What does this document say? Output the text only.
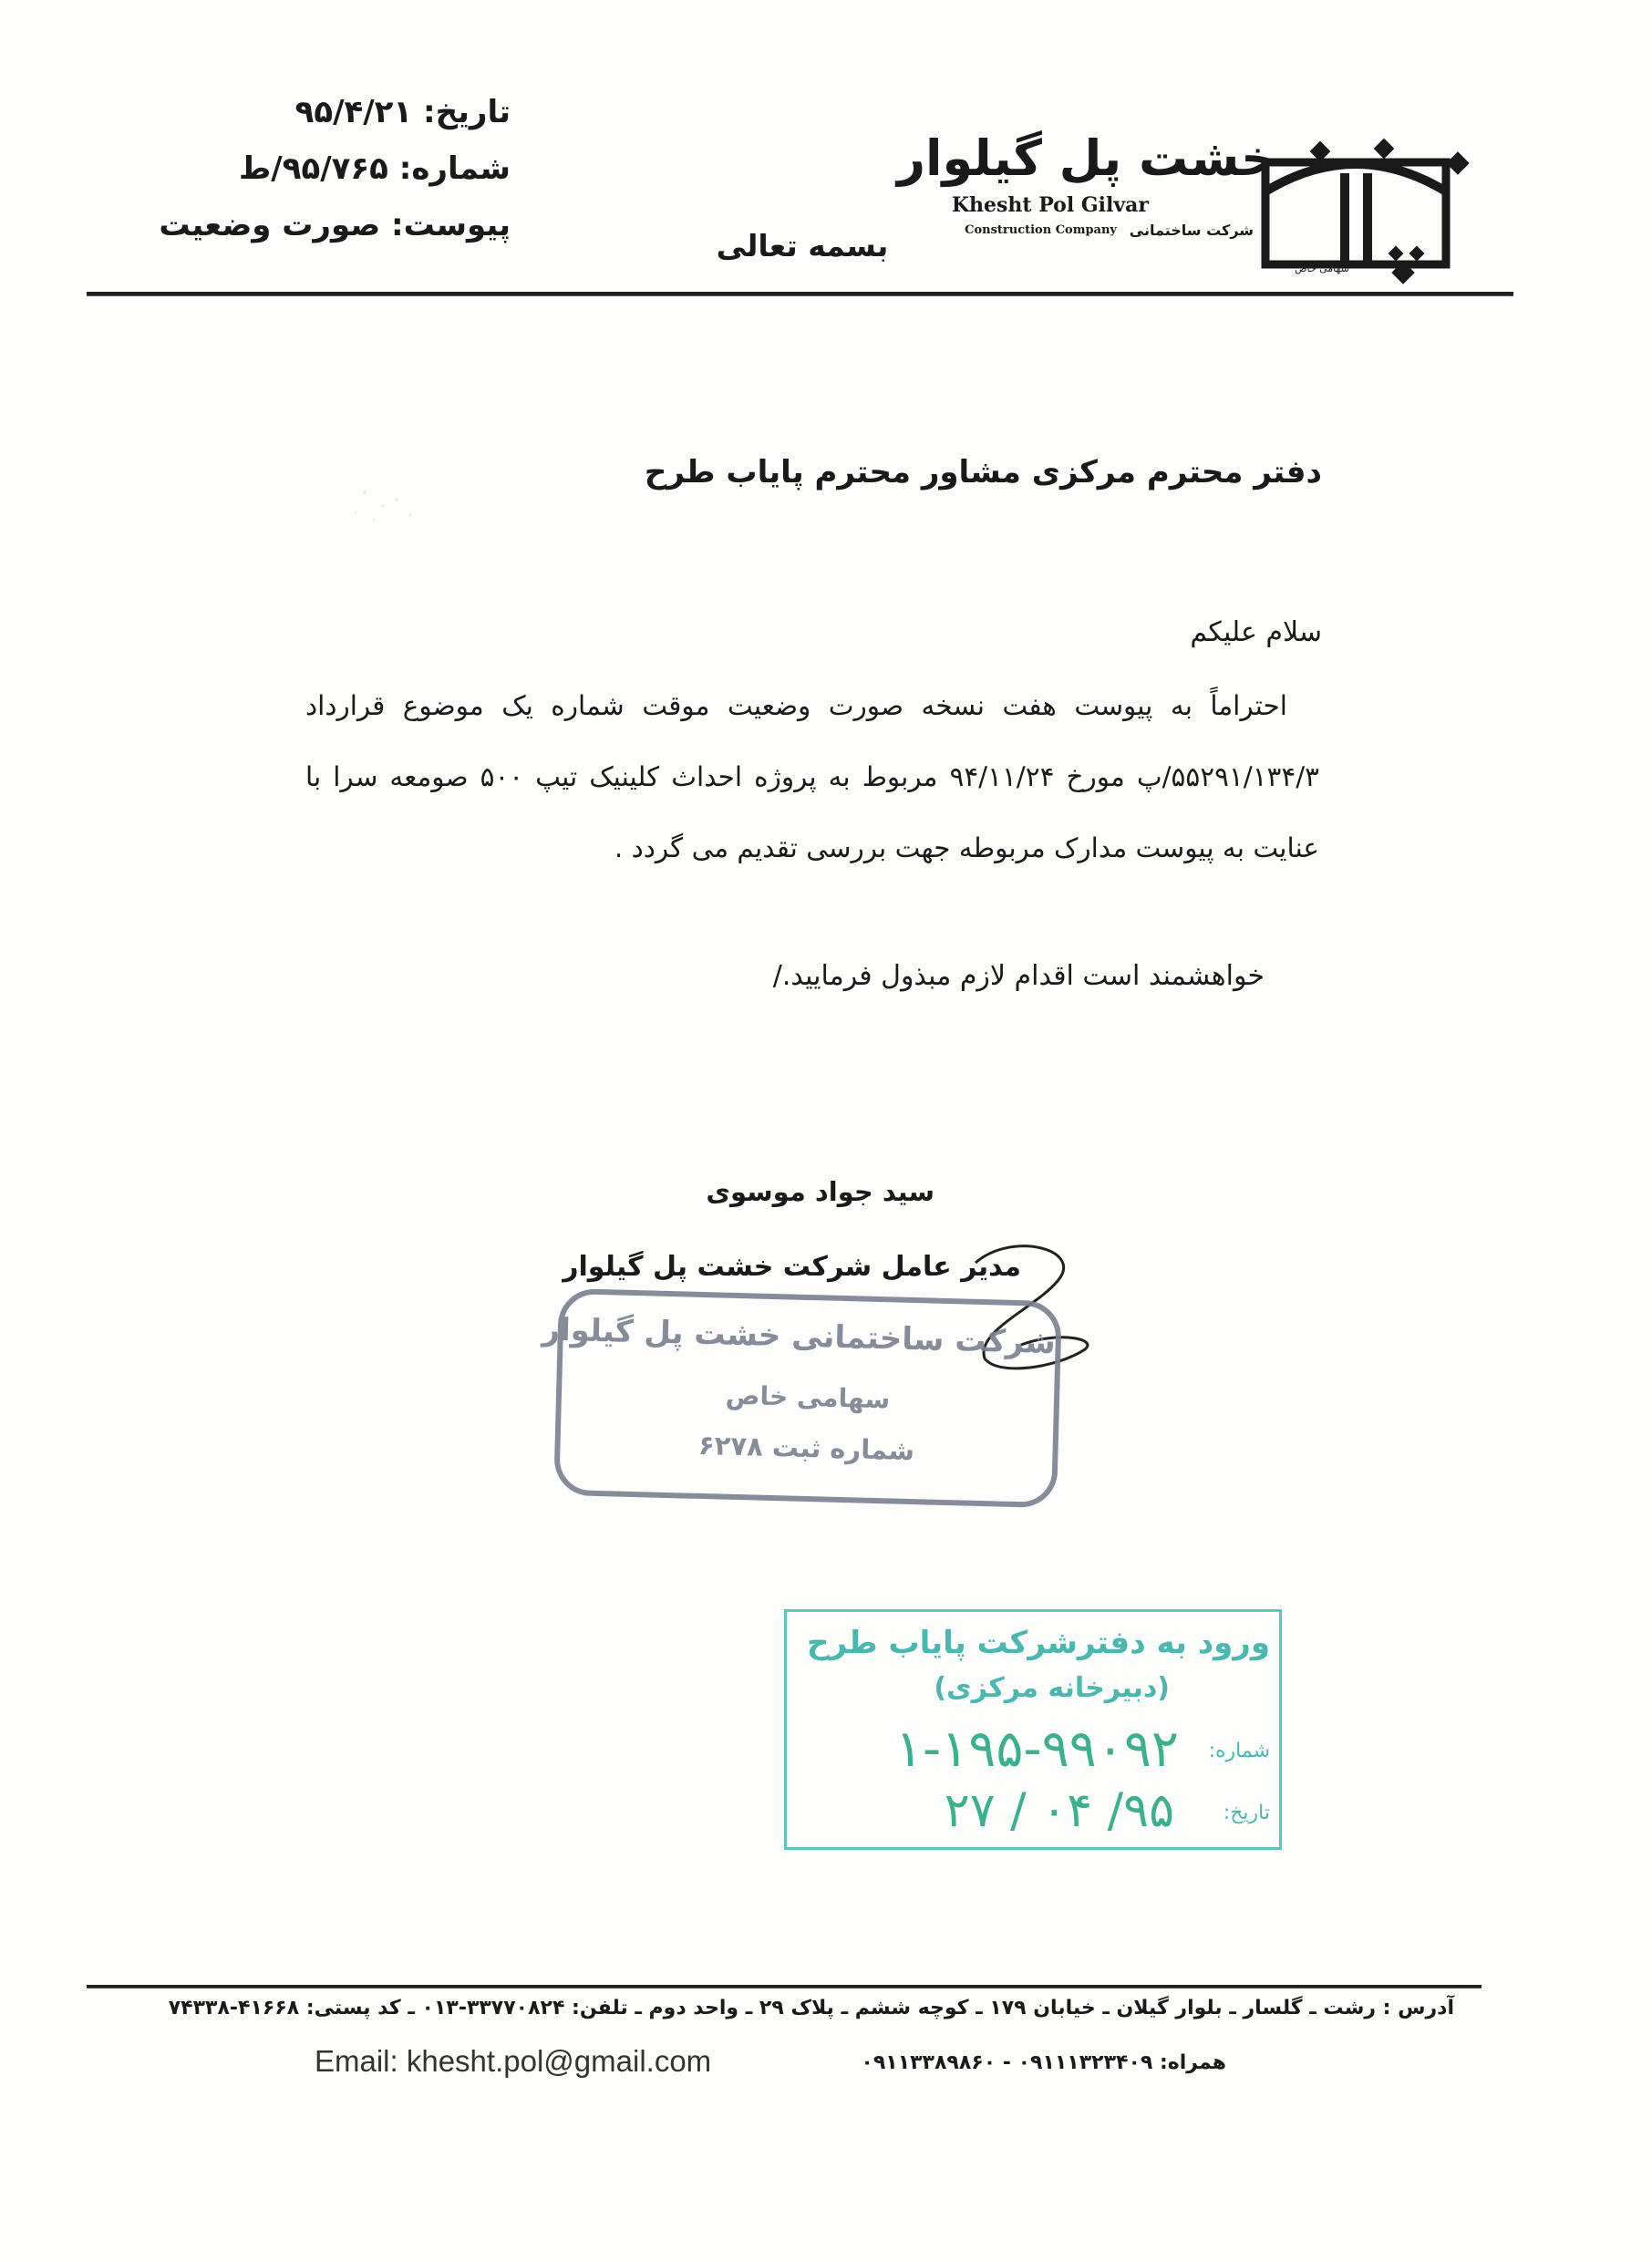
تاریخ: ۹۵/۴/۲۱
شماره: ۹۵/۷۶۵/ط
پیوست: صورت وضعیت
بسمه تعالی
خشت پل گیلوار
Khesht Pol Gilvar
Construction Company شرکت ساختمانی
سهامی خاص
دفتر محترم مرکزی مشاور محترم پایاب طرح
سلام علیکم

احتراماً به پیوست هفت نسخه صورت وضعیت موقت شماره یک موضوع قرارداد ۵۵۲۹۱/۱۳۴/۳/پ مورخ ۹۴/۱۱/۲۴ مربوط به پروژه احداث کلینیک تیپ ۵۰۰ صومعه سرا با عنایت به پیوست مدارک مربوطه جهت بررسی تقدیم می گردد .

خواهشمند است اقدام لازم مبذول فرمایید./
سید جواد موسوی
مدیر عامل شرکت خشت پل گیلوار
شرکت ساختمانی خشت پل گیلوار
سهامی خاص
شماره ثبت ۶۲۷۸
ورود به دفترشرکت پایاب طرح
(دبیرخانه مرکزی)
شماره:
۱-۱۹۵-۹۹۰۹۲
تاریخ:
۹۵/ ۰۴ / ۲۷
آدرس : رشت ـ گلسار ـ بلوار گیلان ـ خیابان ۱۷۹ ـ کوچه ششم ـ پلاک ۲۹ ـ واحد دوم ـ تلفن: ۳۳۷۷۰۸۲۴-۰۱۳ ـ کد پستی: ۴۱۶۶۸-۷۴۳۳۸
همراه: ۰۹۱۱۱۳۲۳۴۰۹ - ۰۹۱۱۳۳۸۹۸۶۰
Email: khesht.pol@gmail.com
